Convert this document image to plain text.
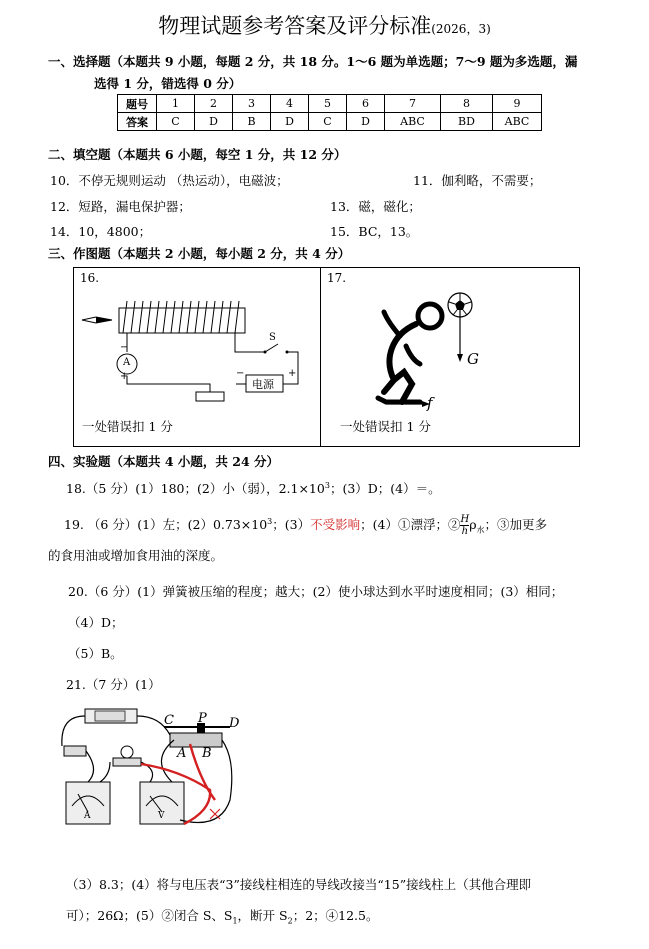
物理试题参考答案及评分标准(2026，3)
一、选择题（本题共 9 小题，每题 2 分，共 18 分。1～6 题为单选题；7～9 题为多选题，漏
选得 1 分，错选得 0 分）
题号	1	2	3	4	5	6	7	8	9
答案	C	D	B	D	C	D	ABC	BD	ABC
二、填空题（本题共 6 小题，每空 1 分，共 12 分）
10．不停无规则运动 （热运动），电磁波；	11．伽利略，不需要；
12．短路，漏电保护器；	13．磁，磁化；
14．10，4800；	15．BC，13。
三、作图题（本题共 2 小题，每小题 2 分，共 4 分）
16.	17.
S
A
电源
−
+	−	+
G
f
一处错误扣 1 分	一处错误扣 1 分
四、实验题（本题共 4 小题，共 24 分）
18.（5 分）(1）180；(2）小（弱），$2.1\times 10^3$；(3）D；(4）＝。
19. （6 分）(1）左；$(2)0.73\times 10^3$；(3）不受影响；(4）①漂浮；② $\frac{H}{h} \rho_水$；③加更多
的食用油或增加食用油的深度。
20.（6 分）(1）弹簧被压缩的程度；越大；(2）使小球达到水平时速度相同；(3）相同；
（4）D；
（5）B。
21.（7 分）(1）
C P D
A B
A	V
（3）8.3；(4）将与电压表“3”接线柱相连的导线改接当“15”接线柱上（其他合理即
可）；26Ω；(5）②闭合 S、$S_1$，断开 $S_2$；2；④12.5。
